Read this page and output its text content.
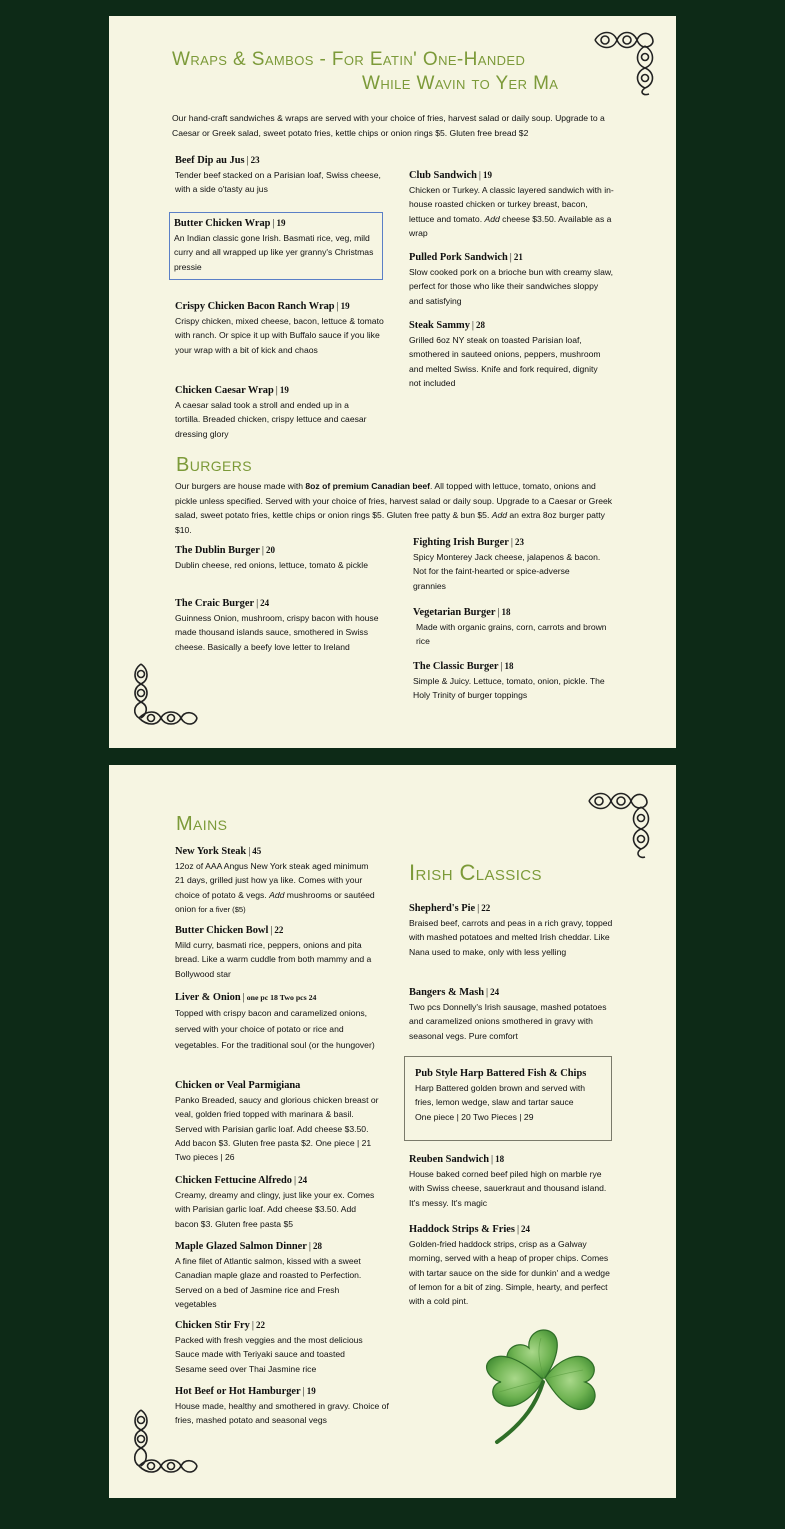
Wraps & Sambos - For Eatin' One-Handed
While Wavin to Yer Ma
Our hand-craft sandwiches & wraps are served with your choice of fries, harvest salad or daily soup. Upgrade to a Caesar or Greek salad, sweet potato fries, kettle chips or onion rings $5. Gluten free bread $2
Beef Dip au Jus | 23
Tender beef stacked on a Parisian loaf, Swiss cheese, with a side o'tasty au jus
Butter Chicken Wrap | 19
An Indian classic gone Irish. Basmati rice, veg, mild curry and all wrapped up like yer granny's Christmas pressie
Crispy Chicken Bacon Ranch Wrap | 19
Crispy chicken, mixed cheese, bacon, lettuce & tomato with ranch. Or spice it up with Buffalo sauce if you like your wrap with a bit of kick and chaos
Chicken Caesar Wrap | 19
A caesar salad took a stroll and ended up in a tortilla. Breaded chicken, crispy lettuce and caesar dressing glory
Club Sandwich | 19
Chicken or Turkey. A classic layered sandwich with in-house roasted chicken or turkey breast, bacon, lettuce and tomato. Add cheese $3.50. Available as a wrap
Pulled Pork Sandwich | 21
Slow cooked pork on a brioche bun with creamy slaw, perfect for those who like their sandwiches sloppy and satisfying
Steak Sammy | 28
Grilled 6oz NY steak on toasted Parisian loaf, smothered in sauteed onions, peppers, mushroom and melted Swiss. Knife and fork required, dignity not included
Burgers
Our burgers are house made with 8oz of premium Canadian beef. All topped with lettuce, tomato, onions and pickle unless specified. Served with your choice of fries, harvest salad or daily soup. Upgrade to a Caesar or Greek salad, sweet potato fries, kettle chips or onion rings $5. Gluten free patty & bun $5. Add an extra 8oz burger patty $10.
The Dublin Burger | 20
Dublin cheese, red onions, lettuce, tomato & pickle
The Craic Burger | 24
Guinness Onion, mushroom, crispy bacon with house made thousand islands sauce, smothered in Swiss cheese. Basically a beefy love letter to Ireland
Fighting Irish Burger | 23
Spicy Monterey Jack cheese, jalapenos & bacon. Not for the faint-hearted or spice-adverse grannies
Vegetarian Burger | 18
Made with organic grains, corn, carrots and brown rice
The Classic Burger | 18
Simple & Juicy. Lettuce, tomato, onion, pickle. The Holy Trinity of burger toppings
Mains
New York Steak | 45
12oz of AAA Angus New York steak aged minimum 21 days, grilled just how ya like. Comes with your choice of potato & vegs. Add mushrooms or sautéed onion for a fiver ($5)
Butter Chicken Bowl | 22
Mild curry, basmati rice, peppers, onions and pita bread. Like a warm cuddle from both mammy and a Bollywood star
Liver & Onion | one pc 18 Two pcs 24
Topped with crispy bacon and caramelized onions, served with your choice of potato or rice and vegetables. For the traditional soul (or the hungover)
Chicken or Veal Parmigiana
Panko Breaded, saucy and glorious chicken breast or veal, golden fried topped with marinara & basil. Served with Parisian garlic loaf. Add cheese $3.50. Add bacon $3. Gluten free pasta $2. One piece | 21 Two pieces | 26
Chicken Fettucine Alfredo | 24
Creamy, dreamy and clingy, just like your ex. Comes with Parisian garlic loaf. Add cheese $3.50. Add bacon $3. Gluten free pasta $5
Maple Glazed Salmon Dinner | 28
A fine filet of Atlantic salmon, kissed with a sweet Canadian maple glaze and roasted to Perfection. Served on a bed of Jasmine rice and Fresh vegetables
Chicken Stir Fry | 22
Packed with fresh veggies and the most delicious Sauce made with Teriyaki sauce and toasted Sesame seed over Thai Jasmine rice
Hot Beef or Hot Hamburger | 19
House made, healthy and smothered in gravy. Choice of fries, mashed potato and seasonal vegs
Irish Classics
Shepherd's Pie | 22
Braised beef, carrots and peas in a rich gravy, topped with mashed potatoes and melted Irish cheddar. Like Nana used to make, only with less yelling
Bangers & Mash | 24
Two pcs Donnelly's Irish sausage, mashed potatoes and caramelized onions smothered in gravy with seasonal vegs. Pure comfort
Pub Style Harp Battered Fish & Chips
Harp Battered golden brown and served with fries, lemon wedge, slaw and tartar sauce
One piece | 20 Two Pieces | 29
Reuben Sandwich | 18
House baked corned beef piled high on marble rye with Swiss cheese, sauerkraut and thousand island. It's messy. It's magic
Haddock Strips & Fries | 24
Golden-fried haddock strips, crisp as a Galway morning, served with a heap of proper chips. Comes with tartar sauce on the side for dunkin' and a wedge of lemon for a bit of zing. Simple, hearty, and perfect with a cold pint.
